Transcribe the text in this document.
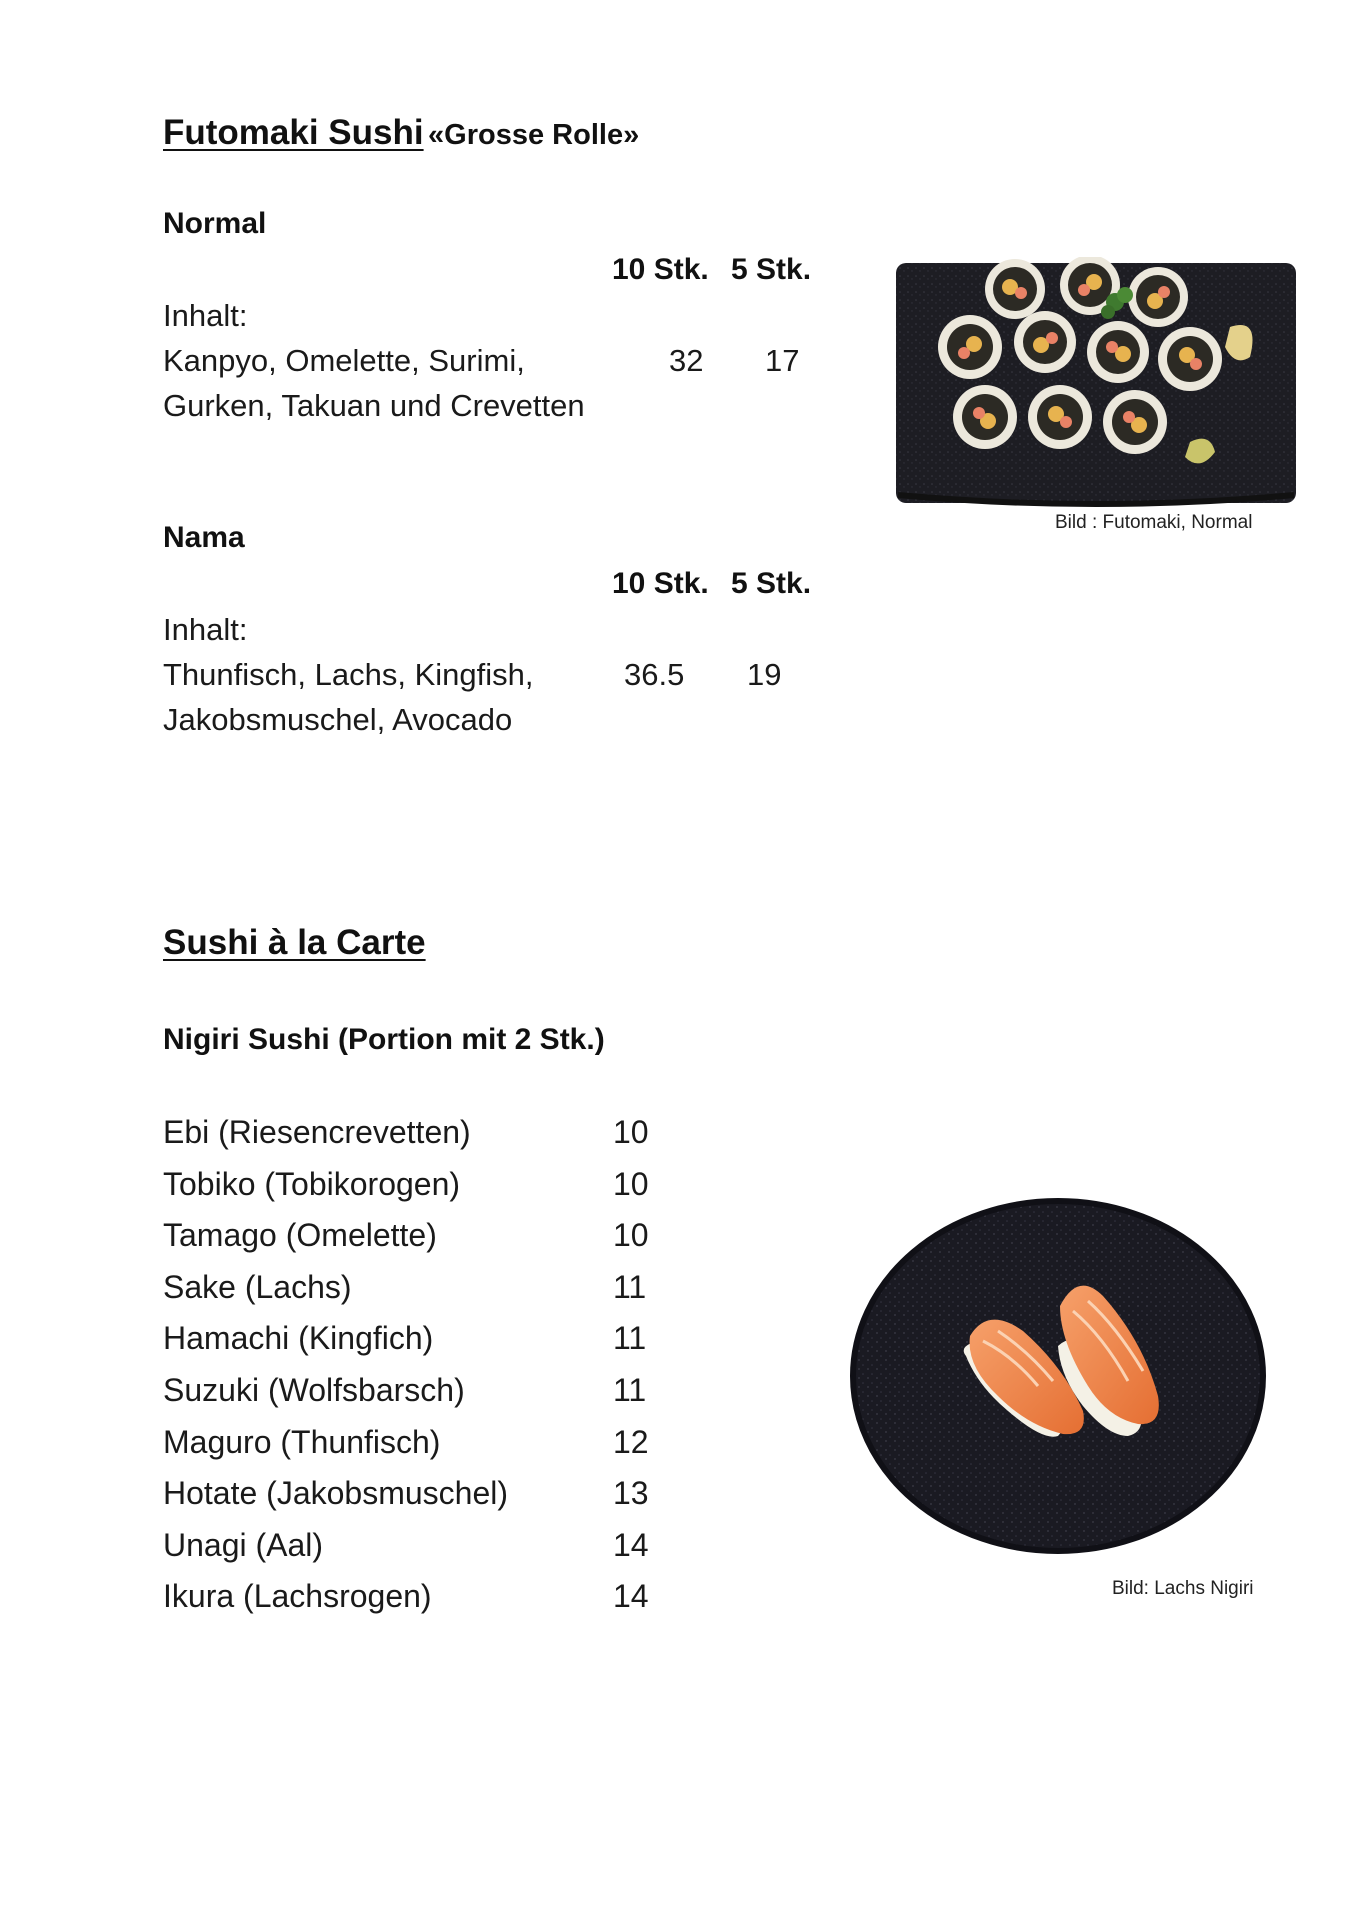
Futomaki Sushi «Grosse Rolle»
Normal
10 Stk. 5 Stk.
Inhalt:
Kanpyo, Omelette, Surimi,
Gurken, Takuan und Crevetten
32 17
Nama
10 Stk. 5 Stk.
Inhalt:
Thunfisch, Lachs, Kingfish,
Jakobsmuschel, Avocado
36.5 19
Bild : Futomaki, Normal
Sushi à la Carte
Nigiri Sushi (Portion mit 2 Stk.)
Ebi (Riesencrevetten)	10
Tobiko (Tobikorogen)	10
Tamago (Omelette)	10
Sake (Lachs)	11
Hamachi (Kingfich)	11
Suzuki (Wolfsbarsch)	11
Maguro (Thunfisch)	12
Hotate (Jakobsmuschel)	13
Unagi (Aal)	14
Ikura (Lachsrogen)	14	Bild: Lachs Nigiri
